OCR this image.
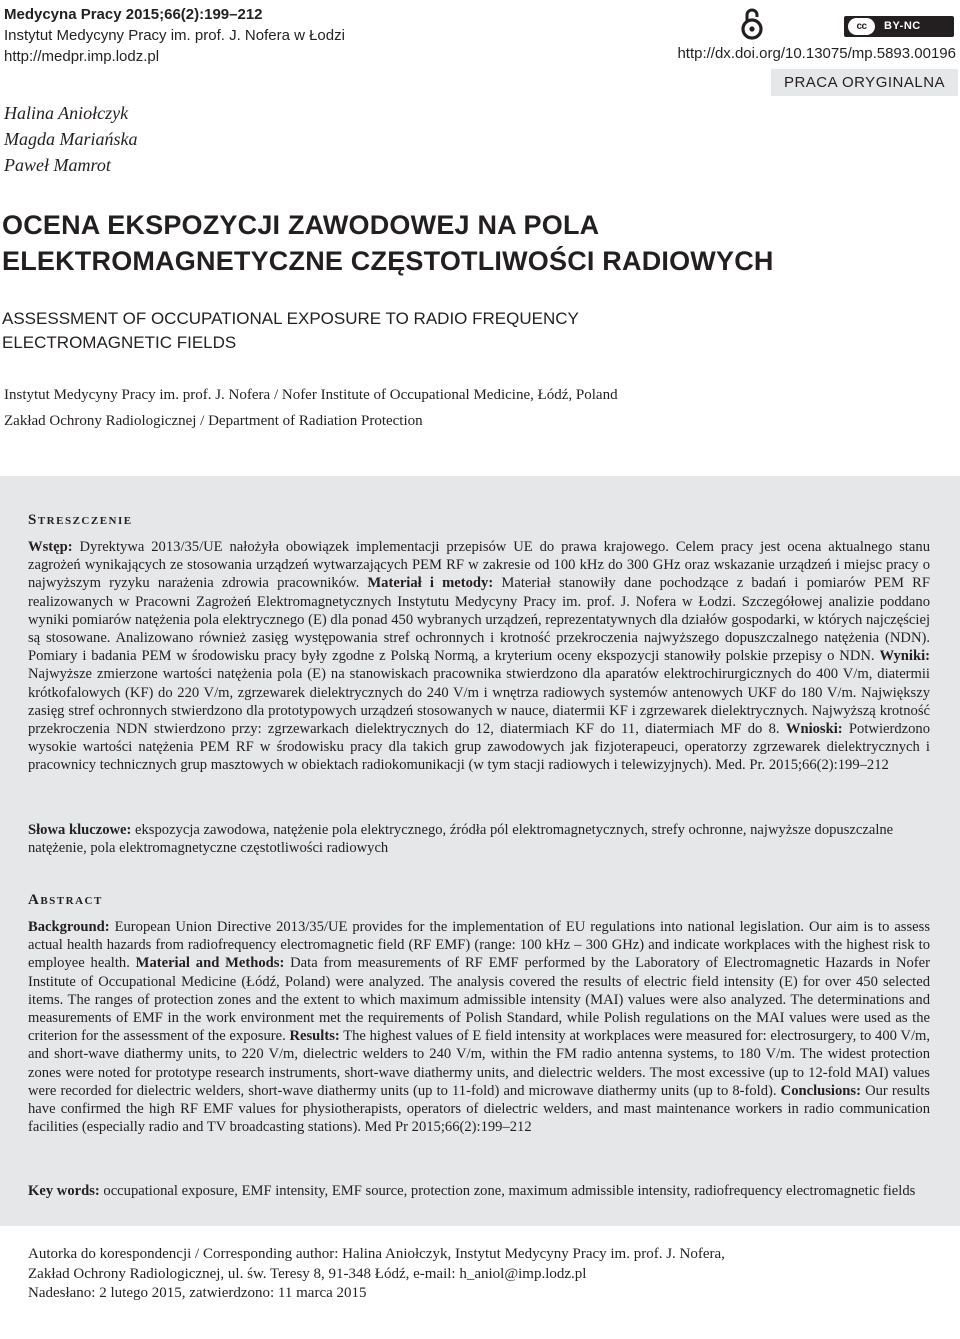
Medycyna Pracy 2015;66(2):199–212
Instytut Medycyny Pracy im. prof. J. Nofera w Łodzi
http://medpr.imp.lodz.pl
cc	BY-NC
http://dx.doi.org/10.13075/mp.5893.00196
PRACA ORYGINALNA
Halina Aniołczyk
Magda Mariańska
Paweł Mamrot
OCENA EKSPOZYCJI ZAWODOWEJ NA POLA
ELEKTROMAGNETYCZNE CZĘSTOTLIWOŚCI RADIOWYCH
ASSESSMENT OF OCCUPATIONAL EXPOSURE TO RADIO FREQUENCY
ELECTROMAGNETIC FIELDS
Instytut Medycyny Pracy im. prof. J. Nofera / Nofer Institute of Occupational Medicine, Łódź, Poland
Zakład Ochrony Radiologicznej / Department of Radiation Protection
Streszczenie
Wstęp: Dyrektywa 2013/35/UE nałożyła obowiązek implementacji przepisów UE do prawa krajowego. Celem pracy jest ocena aktualnego stanu zagrożeń wynikających ze stosowania urządzeń wytwarzających PEM RF w zakresie od 100 kHz do 300 GHz oraz wskazanie urządzeń i miejsc pracy o najwyższym ryzyku narażenia zdrowia pracowników. Materiał i metody: Materiał stanowiły dane pochodzące z badań i pomiarów PEM RF realizowanych w Pracowni Zagrożeń Elektromagnetycznych Instytutu Medycyny Pracy im. prof. J. Nofera w Łodzi. Szczegółowej analizie poddano wyniki pomiarów natężenia pola elektrycznego (E) dla ponad 450 wybranych urządzeń, reprezentatywnych dla działów gospodarki, w których najczęściej są stosowane. Analizowano również zasięg występowania stref ochronnych i krotność przekroczenia najwyższego dopuszczalnego natężenia (NDN). Pomiary i badania PEM w środowisku pracy były zgodne z Polską Normą, a kryterium oceny ekspozycji stanowiły polskie przepisy o NDN. Wyniki: Najwyższe zmierzone wartości natężenia pola (E) na stanowiskach pracownika stwierdzono dla aparatów elektrochirurgicznych do 400 V/m, diatermii krótkofalowych (KF) do 220 V/m, zgrzewarek dielektrycznych do 240 V/m i wnętrza radiowych systemów antenowych UKF do 180 V/m. Największy zasięg stref ochronnych stwierdzono dla prototypowych urządzeń stosowanych w nauce, diatermii KF i zgrzewarek dielektrycznych. Najwyższą krotność przekroczenia NDN stwierdzono przy: zgrzewarkach dielektrycznych do 12, diatermiach KF do 11, diatermiach MF do 8. Wnioski: Potwierdzono wysokie wartości natężenia PEM RF w środowisku pracy dla takich grup zawodowych jak fizjoterapeuci, operatorzy zgrzewarek dielektrycznych i pracownicy technicznych grup masztowych w obiektach radiokomunikacji (w tym stacji radiowych i telewizyjnych). Med. Pr. 2015;66(2):199–212
Słowa kluczowe: ekspozycja zawodowa, natężenie pola elektrycznego, źródła pól elektromagnetycznych, strefy ochronne, najwyższe dopuszczalne natężenie, pola elektromagnetyczne częstotliwości radiowych
Abstract
Background: European Union Directive 2013/35/UE provides for the implementation of EU regulations into national legislation. Our aim is to assess actual health hazards from radiofrequency electromagnetic field (RF EMF) (range: 100 kHz – 300 GHz) and indicate workplaces with the highest risk to employee health. Material and Methods: Data from measurements of RF EMF performed by the Laboratory of Electromagnetic Hazards in Nofer Institute of Occupational Medicine (Łódź, Poland) were analyzed. The analysis covered the results of electric field intensity (E) for over 450 selected items. The ranges of protection zones and the extent to which maximum admissible intensity (MAI) values were also analyzed. The determinations and measurements of EMF in the work environment met the requirements of Polish Standard, while Polish regulations on the MAI values were used as the criterion for the assessment of the exposure. Results: The highest values of E field intensity at workplaces were measured for: electrosurgery, to 400 V/m, and short-wave diathermy units, to 220 V/m, dielectric welders to 240 V/m, within the FM radio antenna systems, to 180 V/m. The widest protection zones were noted for prototype research instruments, short-wave diathermy units, and dielectric welders. The most excessive (up to 12-fold MAI) values were recorded for dielectric welders, short-wave diathermy units (up to 11-fold) and microwave diathermy units (up to 8-fold). Conclusions: Our results have confirmed the high RF EMF values for physiotherapists, operators of dielectric welders, and mast maintenance workers in radio communication facilities (especially radio and TV broadcasting stations). Med Pr 2015;66(2):199–212
Key words: occupational exposure, EMF intensity, EMF source, protection zone, maximum admissible intensity, radiofrequency electromagnetic fields
Autorka do korespondencji / Corresponding author: Halina Aniołczyk, Instytut Medycyny Pracy im. prof. J. Nofera,
Zakład Ochrony Radiologicznej, ul. św. Teresy 8, 91-348 Łódź, e-mail: h_aniol@imp.lodz.pl
Nadesłano: 2 lutego 2015, zatwierdzono: 11 marca 2015
